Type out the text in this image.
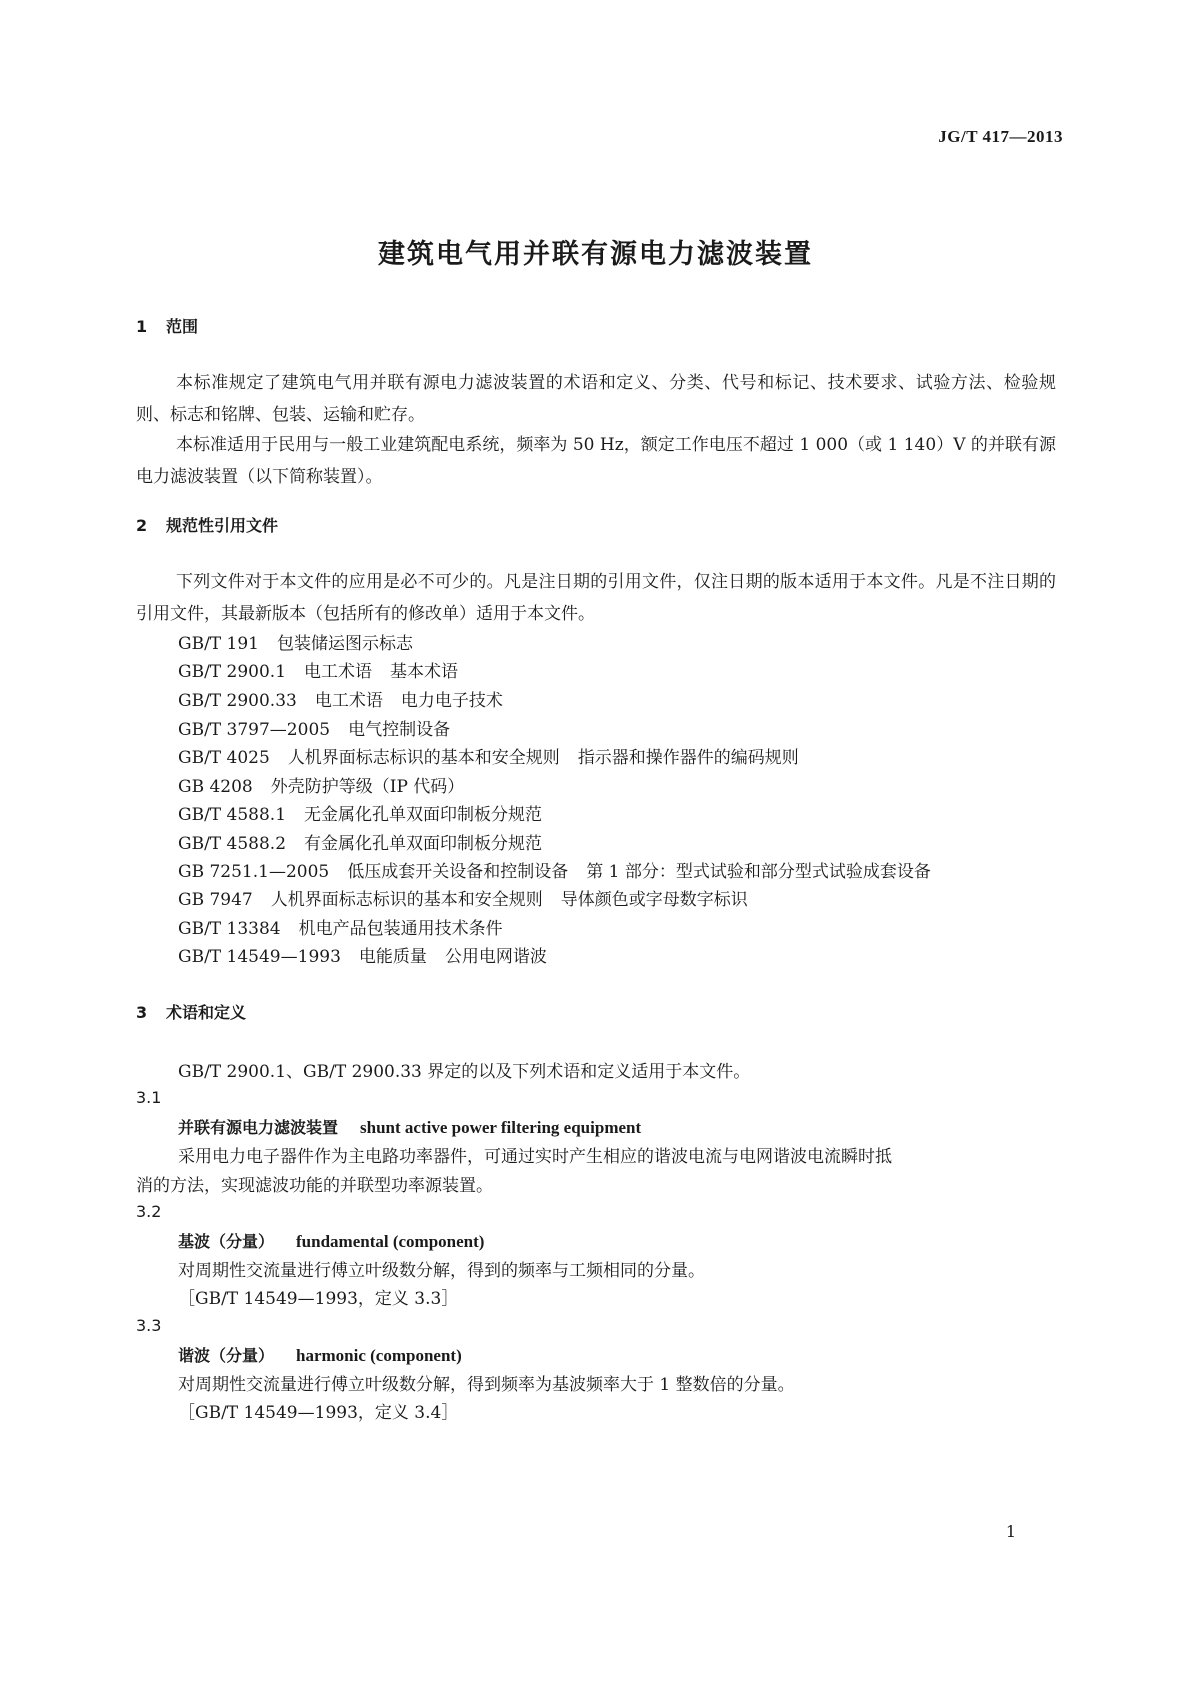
JG/T 417—2013
建筑电气用并联有源电力滤波装置
1 范围
本标准规定了建筑电气用并联有源电力滤波装置的术语和定义、分类、代号和标记、技术要求、试验方法、检验规则、标志和铭牌、包装、运输和贮存。
本标准适用于民用与一般工业建筑配电系统，频率为 50 Hz，额定工作电压不超过 1 000（或 1 140）V 的并联有源电力滤波装置（以下简称装置）。
2 规范性引用文件
下列文件对于本文件的应用是必不可少的。凡是注日期的引用文件，仅注日期的版本适用于本文件。凡是不注日期的引用文件，其最新版本（包括所有的修改单）适用于本文件。
GB/T 191 包装储运图示标志
GB/T 2900.1 电工术语 基本术语
GB/T 2900.33 电工术语 电力电子技术
GB/T 3797—2005 电气控制设备
GB/T 4025 人机界面标志标识的基本和安全规则 指示器和操作器件的编码规则
GB 4208 外壳防护等级（IP 代码）
GB/T 4588.1 无金属化孔单双面印制板分规范
GB/T 4588.2 有金属化孔单双面印制板分规范
GB 7251.1—2005 低压成套开关设备和控制设备 第 1 部分：型式试验和部分型式试验成套设备
GB 7947 人机界面标志标识的基本和安全规则 导体颜色或字母数字标识
GB/T 13384 机电产品包装通用技术条件
GB/T 14549—1993 电能质量 公用电网谐波
3 术语和定义
GB/T 2900.1、GB/T 2900.33 界定的以及下列术语和定义适用于本文件。
3.1
并联有源电力滤波装置 shunt active power filtering equipment
采用电力电子器件作为主电路功率器件，可通过实时产生相应的谐波电流与电网谐波电流瞬时抵
消的方法，实现滤波功能的并联型功率源装置。
3.2
基波（分量） fundamental (component)
对周期性交流量进行傅立叶级数分解，得到的频率与工频相同的分量。
［GB/T 14549—1993，定义 3.3］
3.3
谐波（分量） harmonic (component)
对周期性交流量进行傅立叶级数分解，得到频率为基波频率大于 1 整数倍的分量。
［GB/T 14549—1993，定义 3.4］
1
